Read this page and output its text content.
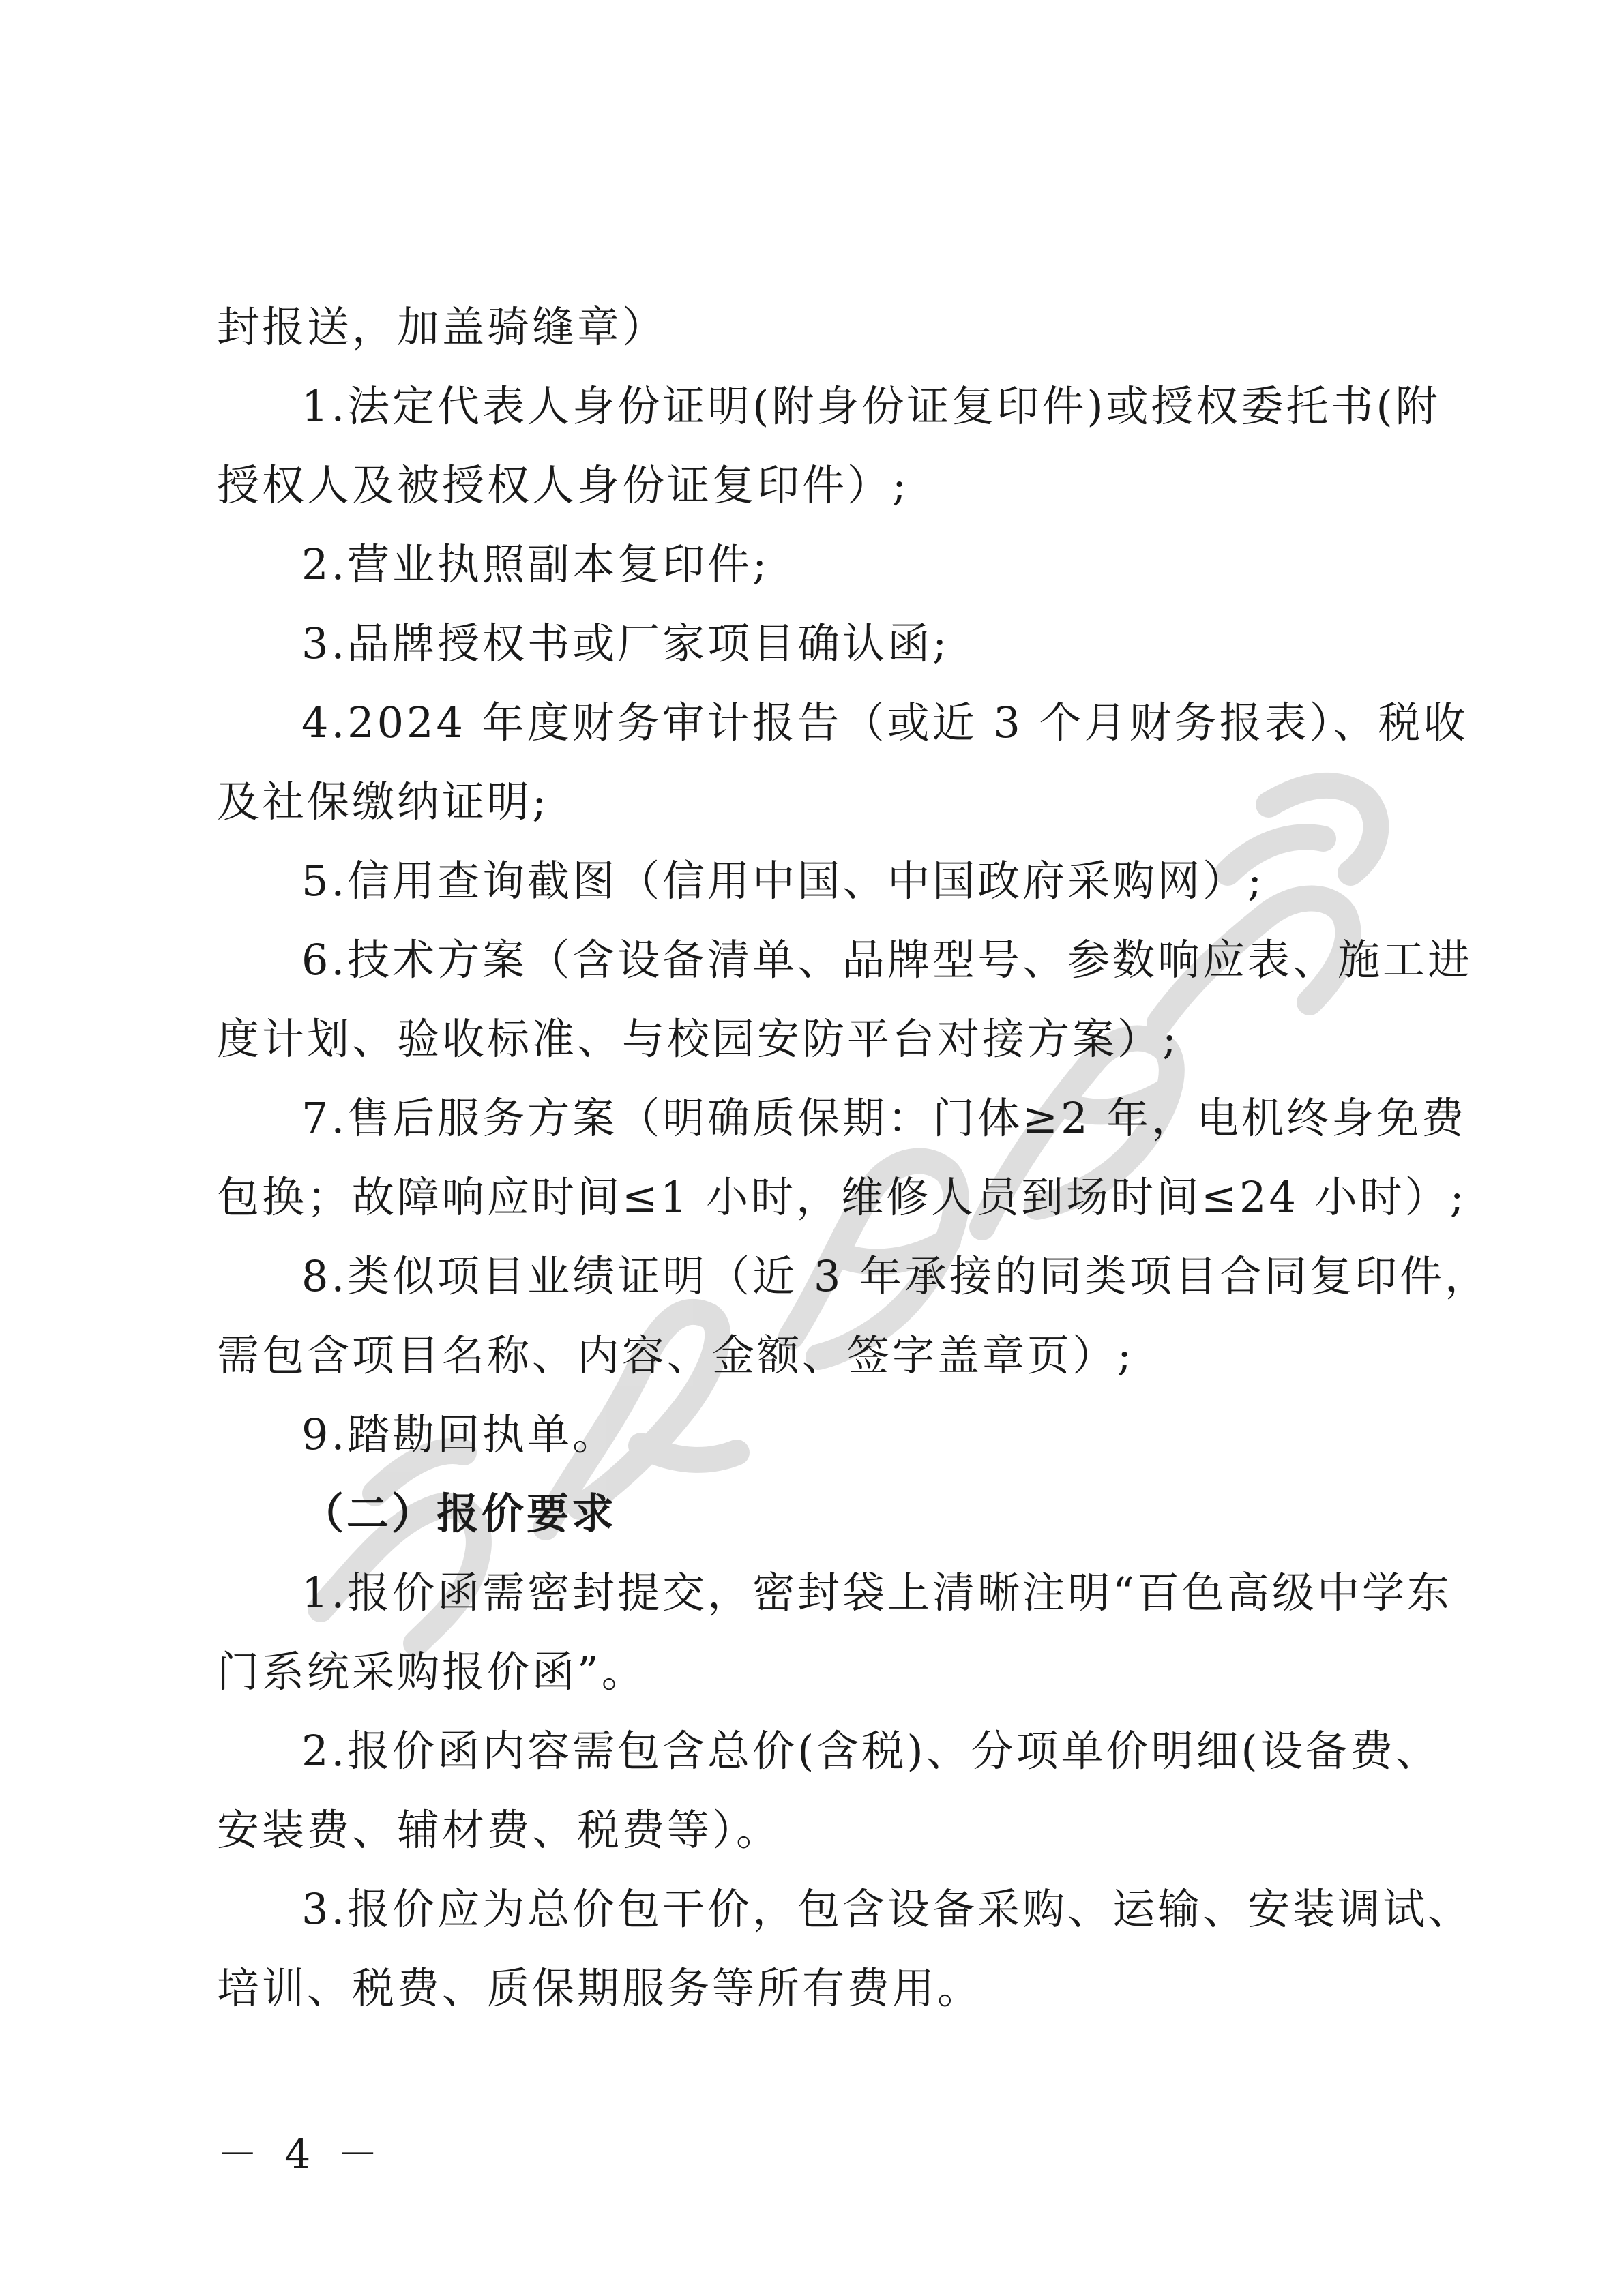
封报送，加盖骑缝章）
1.法定代表人身份证明(附身份证复印件)或授权委托书(附
授权人及被授权人身份证复印件）;
2.营业执照副本复印件;
3.品牌授权书或厂家项目确认函;
4.2024 年度财务审计报告（或近 3 个月财务报表）、税收
及社保缴纳证明;
5.信用查询截图（信用中国、中国政府采购网）;
6.技术方案（含设备清单、品牌型号、参数响应表、施工进
度计划、验收标准、与校园安防平台对接方案）;
7.售后服务方案（明确质保期：门体≥2 年，电机终身免费
包换；故障响应时间≤1 小时，维修人员到场时间≤24 小时）;
8.类似项目业绩证明（近 3 年承接的同类项目合同复印件，
需包含项目名称、内容、金额、签字盖章页）;
9.踏勘回执单。
（二）报价要求
1.报价函需密封提交，密封袋上清晰注明“百色高级中学东
门系统采购报价函”。
2.报价函内容需包含总价(含税)、分项单价明细(设备费、
安装费、辅材费、税费等）。
3.报价应为总价包干价，包含设备采购、运输、安装调试、
培训、税费、质保期服务等所有费用。
－ 4 －
